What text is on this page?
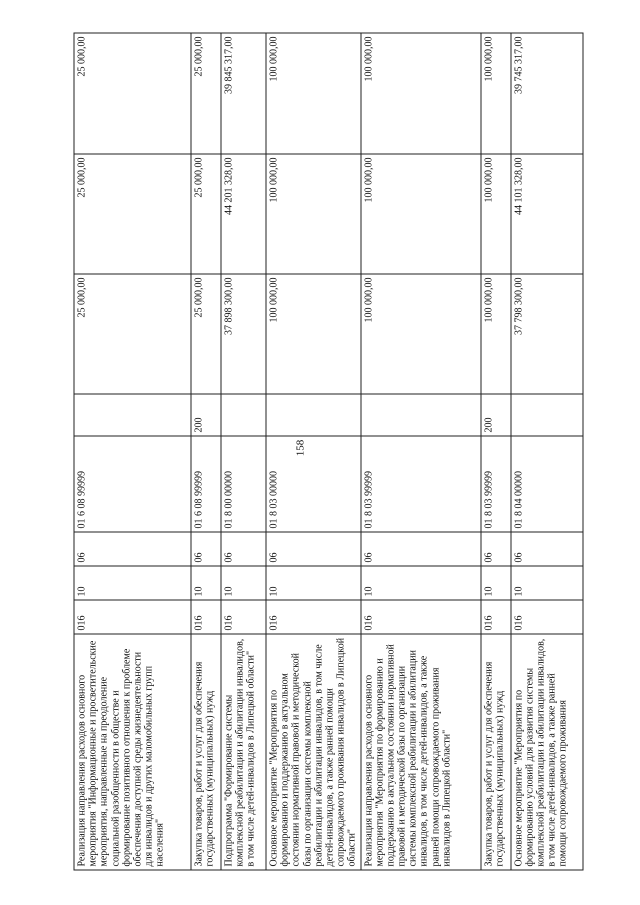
158
Реализация направления расходов основного мероприятия "Информационные и просветительские мероприятия, направленные на преодоление социальной разобщенности в обществе и формирование позитивного отношения к проблеме обеспечения доступной среды жизнедеятельности для инвалидов и других маломобильных групп населения"	016	10	06	01 6 08 99999		25 000,00	25 000,00	25 000,00
Закупка товаров, работ и услуг для обеспечения государственных (муниципальных) нужд	016	10	06	01 6 08 99999	200	25 000,00	25 000,00	25 000,00
Подпрограмма "Формирование системы комплексной реабилитации и абилитации инвалидов, в том числе детей-инвалидов в Липецкой области"	016	10	06	01 8 00 00000		37 898 300,00	44 201 328,00	39 845 317,00
Основное мероприятие "Мероприятия по формированию и поддержанию в актуальном состоянии нормативной правовой и методической базы по организации системы комплексной реабилитации и абилитации инвалидов, в том числе детей-инвалидов, а также ранней помощи сопровождаемого проживания инвалидов в Липецкой области"	016	10	06	01 8 03 00000		100 000,00	100 000,00	100 000,00
Реализация направления расходов основного мероприятия "Мероприятия по формированию и поддержанию в актуальном состоянии нормативной правовой и методической базы по организации системы комплексной реабилитации и абилитации инвалидов, в том числе детей-инвалидов, а также ранней помощи сопровождаемого проживания инвалидов в Липецкой области"	016	10	06	01 8 03 99999		100 000,00	100 000,00	100 000,00
Закупка товаров, работ и услуг для обеспечения государственных (муниципальных) нужд	016	10	06	01 8 03 99999	200	100 000,00	100 000,00	100 000,00
Основное мероприятие "Мероприятия по формированию условий для развития системы комплексной реабилитации и абилитации инвалидов, в том числе детей-инвалидов, а также ранней помощи сопровождаемого проживания	016	10	06	01 8 04 00000		37 798 300,00	44 101 328,00	39 745 317,00
